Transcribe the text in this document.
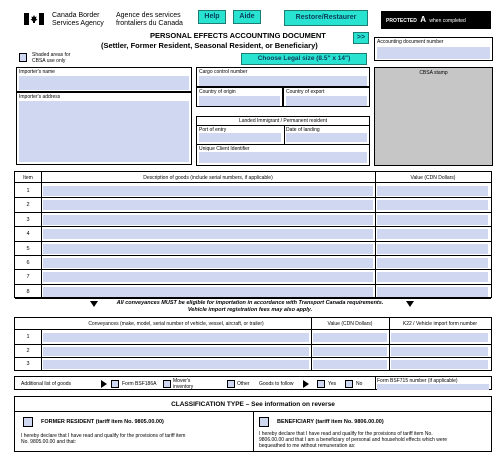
Canada Border
Services Agency
Agence des services
frontaliers du Canada
Help	Aide	Restore/Restaurer	PROTECTED A when completed
>>
Accounting document number
Shaded areas for CBSA use only
PERSONAL EFFECTS ACCOUNTING DOCUMENT
(Settler, Former Resident, Seasonal Resident, or Beneficiary)
Choose Legal size (8.5" x 14")
Importer's name
Importer's address
Cargo control number
Country of origin	Country of export
Landed Immigrant / Permanent resident
Port of entry	Date of landing
Unique Client Identifier
CBSA stamp
Item	Description of goods (include serial numbers, if applicable)	Value (CDN Dollars)
1
2
3
4
5
6
7
8
All conveyances MUST be eligible for importation in accordance with Transport Canada requirements.
Vehicle import registration fees may also apply.
Conveyances (make, model, serial number of vehicle, vessel, aircraft, or trailer)	Value (CDN Dollars)	K22 / Vehicle import form number
1
2
3
Additional list of goods	Form BSF186A	Mover's inventory	Other Goods to follow	Yes	No	Form BSF715 number (if applicable)
CLASSIFICATION TYPE – See information on reverse
FORMER RESIDENT (tariff item No. 9805.00.00)
I hereby declare that I have read and qualify for the provisions of tariff item
No. 9805.00.00 and that:
BENEFICIARY (tariff item No. 9806.00.00)
I hereby declare that I have read and qualify for the provisions of tariff item No.
9806.00.00 and that I am a beneficiary of personal and household effects which were
bequeathed to me without remuneration as:
